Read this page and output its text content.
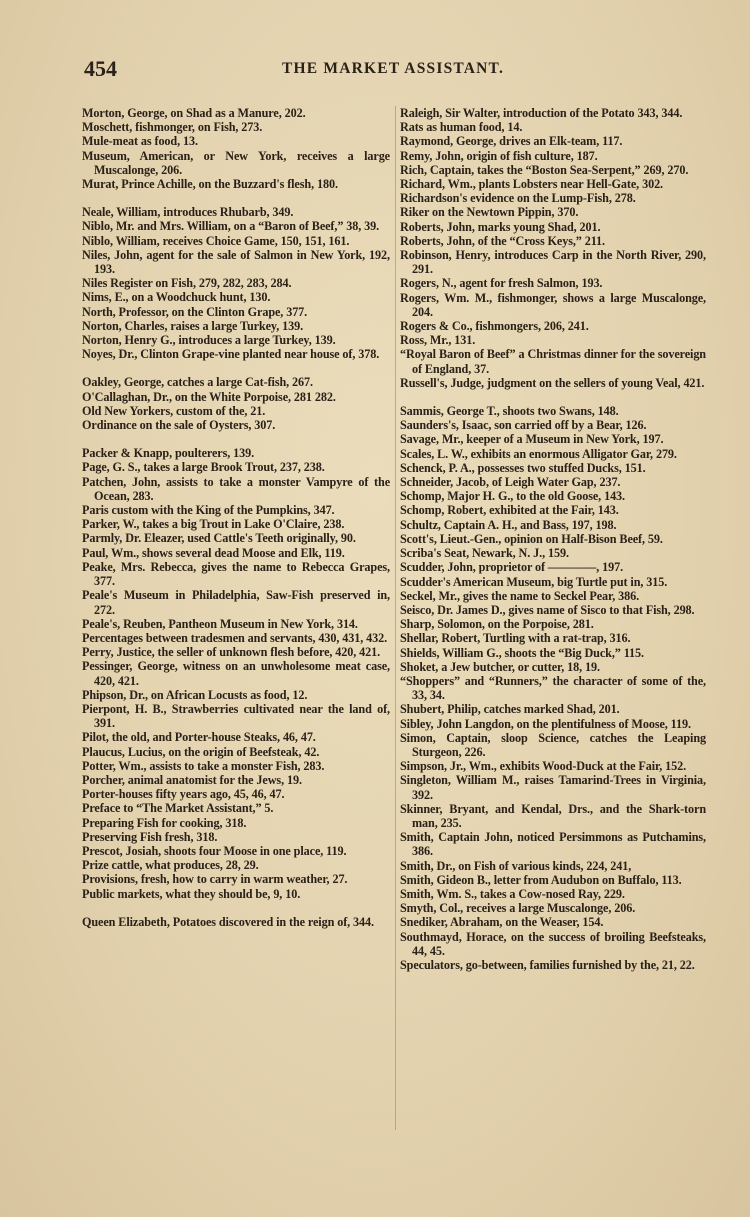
454	THE MARKET ASSISTANT.
Morton, George, on Shad as a Manure, 202.
Moschett, fishmonger, on Fish, 273.
Mule-meat as food, 13.
Museum, American, or New York, receives a large Muscalonge, 206.
Murat, Prince Achille, on the Buzzard's flesh, 180.
Neale, William, introduces Rhubarb, 349.
Niblo, Mr. and Mrs. William, on a “Baron of Beef,” 38, 39.
Niblo, William, receives Choice Game, 150, 151, 161.
Niles, John, agent for the sale of Salmon in New York, 192, 193.
Niles Register on Fish, 279, 282, 283, 284.
Nims, E., on a Woodchuck hunt, 130.
North, Professor, on the Clinton Grape, 377.
Norton, Charles, raises a large Turkey, 139.
Norton, Henry G., introduces a large Turkey, 139.
Noyes, Dr., Clinton Grape-vine planted near house of, 378.
Oakley, George, catches a large Cat-fish, 267.
O'Callaghan, Dr., on the White Porpoise, 281 282.
Old New Yorkers, custom of the, 21.
Ordinance on the sale of Oysters, 307.
Packer & Knapp, poulterers, 139.
Page, G. S., takes a large Brook Trout, 237, 238.
Patchen, John, assists to take a monster Vampyre of the Ocean, 283.
Paris custom with the King of the Pumpkins, 347.
Parker, W., takes a big Trout in Lake O'Claire, 238.
Parmly, Dr. Eleazer, used Cattle's Teeth originally, 90.
Paul, Wm., shows several dead Moose and Elk, 119.
Peake, Mrs. Rebecca, gives the name to Rebecca Grapes, 377.
Peale's Museum in Philadelphia, Saw-Fish preserved in, 272.
Peale's, Reuben, Pantheon Museum in New York, 314.
Percentages between tradesmen and servants, 430, 431, 432.
Perry, Justice, the seller of unknown flesh before, 420, 421.
Pessinger, George, witness on an unwholesome meat case, 420, 421.
Phipson, Dr., on African Locusts as food, 12.
Pierpont, H. B., Strawberries cultivated near the land of, 391.
Pilot, the old, and Porter-house Steaks, 46, 47.
Plaucus, Lucius, on the origin of Beefsteak, 42.
Potter, Wm., assists to take a monster Fish, 283.
Porcher, animal anatomist for the Jews, 19.
Porter-houses fifty years ago, 45, 46, 47.
Preface to “The Market Assistant,” 5.
Preparing Fish for cooking, 318.
Preserving Fish fresh, 318.
Prescot, Josiah, shoots four Moose in one place, 119.
Prize cattle, what produces, 28, 29.
Provisions, fresh, how to carry in warm weather, 27.
Public markets, what they should be, 9, 10.
Queen Elizabeth, Potatoes discovered in the reign of, 344.
Raleigh, Sir Walter, introduction of the Potato 343, 344.
Rats as human food, 14.
Raymond, George, drives an Elk-team, 117.
Remy, John, origin of fish culture, 187.
Rich, Captain, takes the “Boston Sea-Serpent,” 269, 270.
Richard, Wm., plants Lobsters near Hell-Gate, 302.
Richardson's evidence on the Lump-Fish, 278.
Riker on the Newtown Pippin, 370.
Roberts, John, marks young Shad, 201.
Roberts, John, of the “Cross Keys,” 211.
Robinson, Henry, introduces Carp in the North River, 290, 291.
Rogers, N., agent for fresh Salmon, 193.
Rogers, Wm. M., fishmonger, shows a large Muscalonge, 204.
Rogers & Co., fishmongers, 206, 241.
Ross, Mr., 131.
“Royal Baron of Beef” a Christmas dinner for the sovereign of England, 37.
Russell's, Judge, judgment on the sellers of young Veal, 421.
Sammis, George T., shoots two Swans, 148.
Saunders's, Isaac, son carried off by a Bear, 126.
Savage, Mr., keeper of a Museum in New York, 197.
Scales, L. W., exhibits an enormous Alligator Gar, 279.
Schenck, P. A., possesses two stuffed Ducks, 151.
Schneider, Jacob, of Leigh Water Gap, 237.
Schomp, Major H. G., to the old Goose, 143.
Schomp, Robert, exhibited at the Fair, 143.
Schultz, Captain A. H., and Bass, 197, 198.
Scott's, Lieut.-Gen., opinion on Half-Bison Beef, 59.
Scriba's Seat, Newark, N. J., 159.
Scudder, John, proprietor of ————, 197.
Scudder's American Museum, big Turtle put in, 315.
Seckel, Mr., gives the name to Seckel Pear, 386.
Seisco, Dr. James D., gives name of Sisco to that Fish, 298.
Sharp, Solomon, on the Porpoise, 281.
Shellar, Robert, Turtling with a rat-trap, 316.
Shields, William G., shoots the “Big Duck,” 115.
Shoket, a Jew butcher, or cutter, 18, 19.
“Shoppers” and “Runners,” the character of some of the, 33, 34.
Shubert, Philip, catches marked Shad, 201.
Sibley, John Langdon, on the plentifulness of Moose, 119.
Simon, Captain, sloop Science, catches the Leaping Sturgeon, 226.
Simpson, Jr., Wm., exhibits Wood-Duck at the Fair, 152.
Singleton, William M., raises Tamarind-Trees in Virginia, 392.
Skinner, Bryant, and Kendal, Drs., and the Shark-torn man, 235.
Smith, Captain John, noticed Persimmons as Putchamins, 386.
Smith, Dr., on Fish of various kinds, 224, 241,
Smith, Gideon B., letter from Audubon on Buffalo, 113.
Smith, Wm. S., takes a Cow-nosed Ray, 229.
Smyth, Col., receives a large Muscalonge, 206.
Snediker, Abraham, on the Weaser, 154.
Southmayd, Horace, on the success of broiling Beefsteaks, 44, 45.
Speculators, go-between, families furnished by the, 21, 22.
